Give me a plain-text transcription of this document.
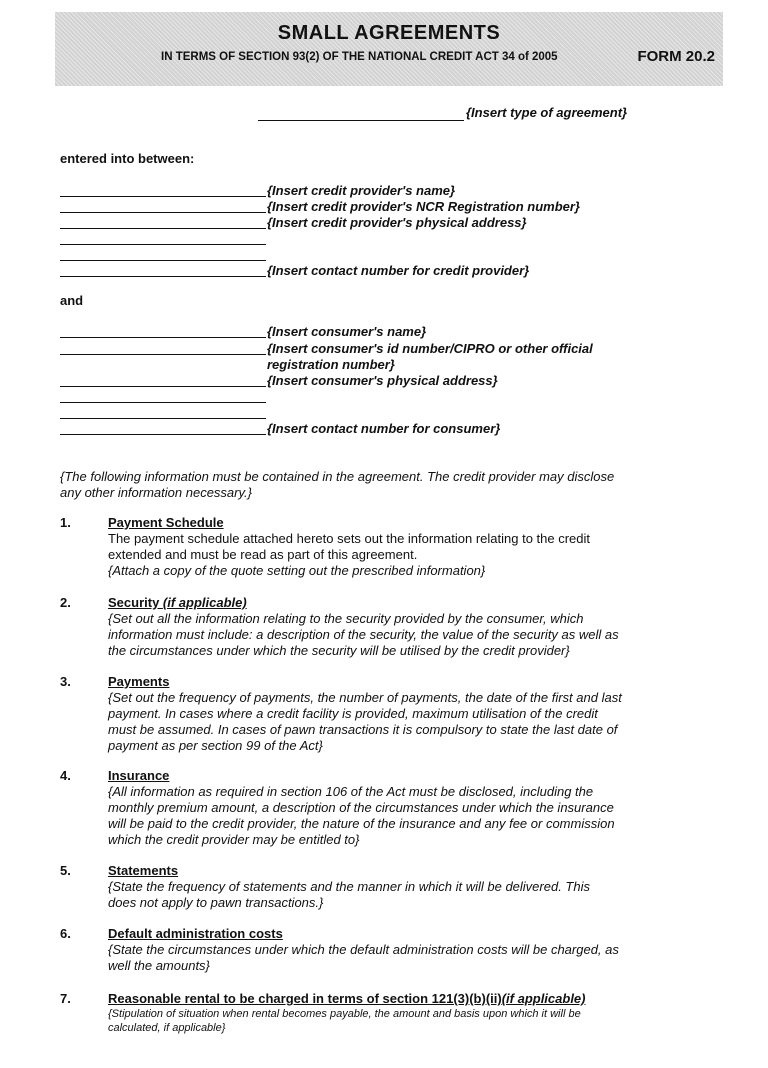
SMALL AGREEMENTS
IN TERMS OF SECTION 93(2) OF THE NATIONAL CREDIT ACT 34 of 2005	FORM 20.2
{Insert type of agreement}
entered into between:
{Insert credit provider's name}
{Insert credit provider's NCR Registration number}
{Insert credit provider's physical address}
{Insert contact number for credit provider}
and
{Insert consumer's name}
{Insert consumer's id number/CIPRO or other official
registration number}
{Insert consumer's physical address}
{Insert contact number for consumer}
{The following information must be contained in the agreement. The credit provider may disclose
any other information necessary.}
1.	Payment Schedule
The payment schedule attached hereto sets out the information relating to the credit
extended and must be read as part of this agreement.
{Attach a copy of the quote setting out the prescribed information}
2.	Security (if applicable)
{Set out all the information relating to the security provided by the consumer, which
information must include: a description of the security, the value of the security as well as
the circumstances under which the security will be utilised by the credit provider}
3.	Payments
{Set out the frequency of payments, the number of payments, the date of the first and last
payment. In cases where a credit facility is provided, maximum utilisation of the credit
must be assumed. In cases of pawn transactions it is compulsory to state the last date of
payment as per section 99 of the Act}
4.	Insurance
{All information as required in section 106 of the Act must be disclosed, including the
monthly premium amount, a description of the circumstances under which the insurance
will be paid to the credit provider, the nature of the insurance and any fee or commission
which the credit provider may be entitled to}
5.	Statements
{State the frequency of statements and the manner in which it will be delivered. This
does not apply to pawn transactions.}
6.	Default administration costs
{State the circumstances under which the default administration costs will be charged, as
well the amounts}
7.	Reasonable rental to be charged in terms of section 121(3)(b)(ii)(if applicable)
{Stipulation of situation when rental becomes payable, the amount and basis upon which it will be
calculated, if applicable}
